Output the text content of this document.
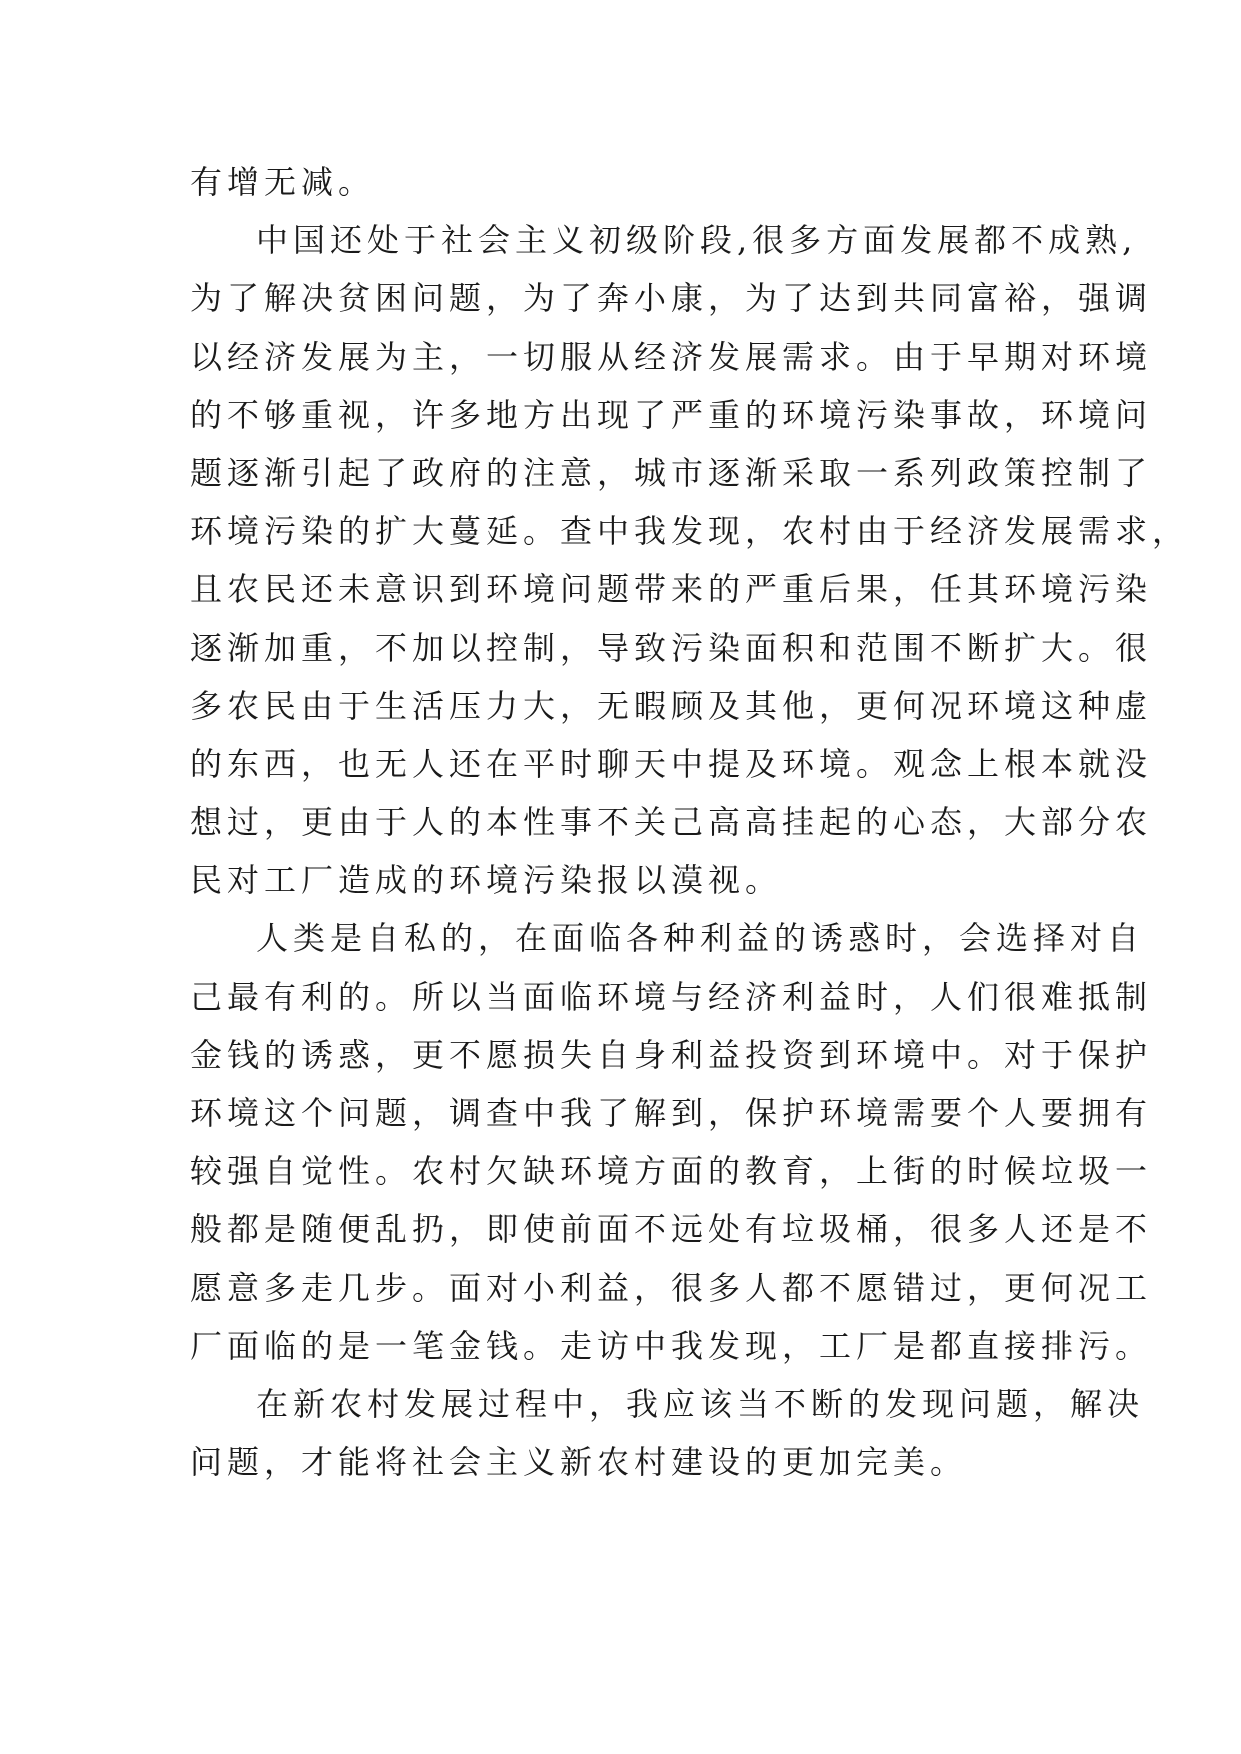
有增无减。
中国还处于社会主义初级阶段,很多方面发展都不成熟,
为了解决贫困问题，为了奔小康，为了达到共同富裕，强调
以经济发展为主，一切服从经济发展需求。由于早期对环境
的不够重视，许多地方出现了严重的环境污染事故，环境问
题逐渐引起了政府的注意，城市逐渐采取一系列政策控制了
环境污染的扩大蔓延。查中我发现，农村由于经济发展需求，
且农民还未意识到环境问题带来的严重后果，任其环境污染
逐渐加重，不加以控制，导致污染面积和范围不断扩大。很
多农民由于生活压力大，无暇顾及其他，更何况环境这种虚
的东西，也无人还在平时聊天中提及环境。观念上根本就没
想过，更由于人的本性事不关己高高挂起的心态，大部分农
民对工厂造成的环境污染报以漠视。
人类是自私的，在面临各种利益的诱惑时，会选择对自
己最有利的。所以当面临环境与经济利益时，人们很难抵制
金钱的诱惑，更不愿损失自身利益投资到环境中。对于保护
环境这个问题，调查中我了解到，保护环境需要个人要拥有
较强自觉性。农村欠缺环境方面的教育，上街的时候垃圾一
般都是随便乱扔，即使前面不远处有垃圾桶，很多人还是不
愿意多走几步。面对小利益，很多人都不愿错过，更何况工
厂面临的是一笔金钱。走访中我发现，工厂是都直接排污。
在新农村发展过程中，我应该当不断的发现问题，解决
问题，才能将社会主义新农村建设的更加完美。
